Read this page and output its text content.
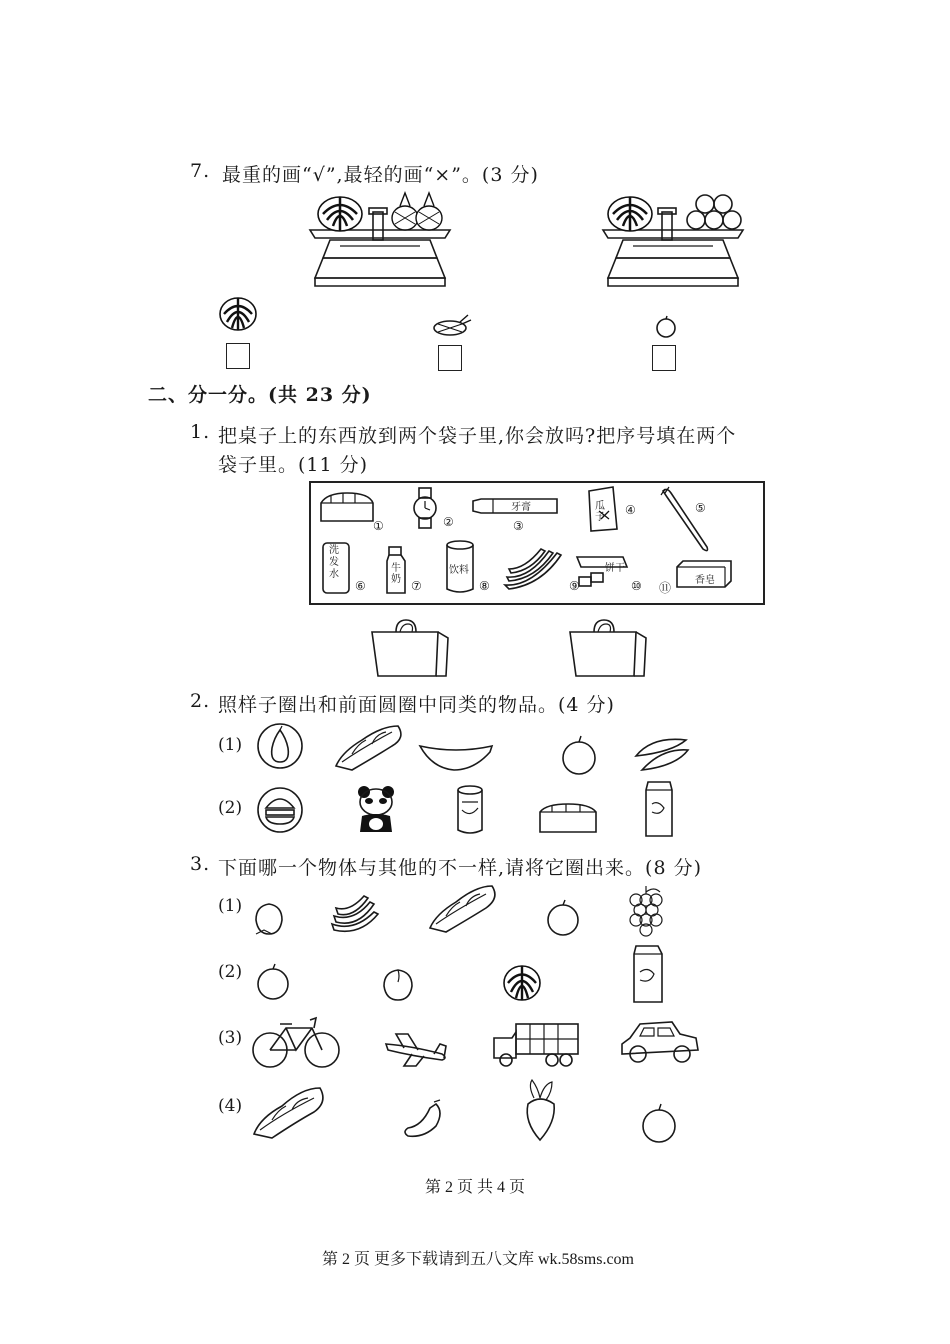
7. 最重的画“√”,最轻的画“×”。(3 分)
二、分一分。(共 23 分)
1. 把桌子上的东西放到两个袋子里,你会放吗?把序号填在两个
袋子里。(11 分)
①	②
牙膏
③
瓜子
④	⑤
洗发水
⑥
牛奶 ⑦
饮料
⑧	⑨
饼干
⑩	香皂
⑪
2. 照样子圈出和前面圆圈中同类的物品。(4 分)
(1)
(2)
3. 下面哪一个物体与其他的不一样,请将它圈出来。(8 分)
(1)
(2)
(3)
(4)
第 2 页 共 4 页
第 2 页 更多下载请到五八文库 wk.58sms.com
